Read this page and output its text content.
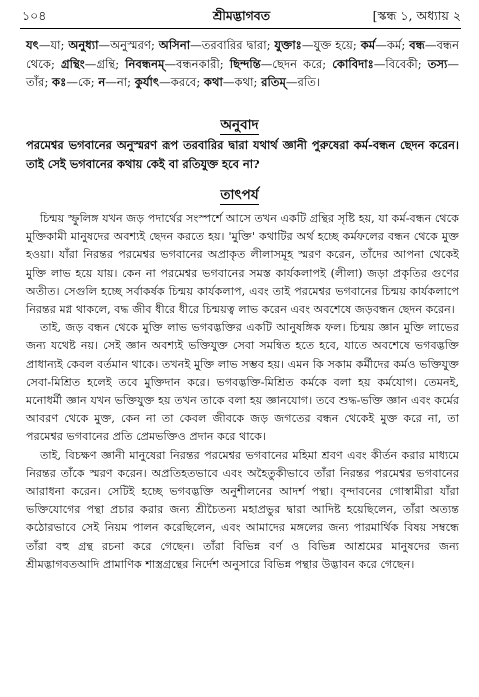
১০৪	শ্রীমদ্ভাগবত	[স্কন্ধ ১, অধ্যায় ২
যৎ—যা; অনুধ্যা—অনুস্মরণ; অসিনা—তরবারির দ্বারা; যুক্তাঃ—যুক্ত হয়ে; কর্ম—কর্ম; বন্ধ—বন্ধন থেকে; গ্রন্থিং—গ্রন্থি; নিবন্ধনম্—বন্ধনকারী; ছিন্দন্তি—ছেদন করে; কোবিদাঃ—বিবেকী; তস্য—তাঁর; কঃ—কে; ন—না; কুর্যাৎ—করবে; কথা—কথা; রতিম্—রতি।
অনুবাদ
পরমেশ্বর ভগবানের অনুস্মরণ রূপ তরবারির দ্বারা যথার্থ জ্ঞানী পুরুষেরা কর্ম-বন্ধন ছেদন করেন। তাই সেই ভগবানের কথায় কেই বা রতিযুক্ত হবে না?
তাৎপর্য

চিন্ময় স্ফুলিঙ্গ যখন জড় পদার্থের সংস্পর্শে আসে তখন একটি গ্রন্থির সৃষ্টি হয়, যা কর্ম-বন্ধন থেকে মুক্তিকামী মানুষদের অবশ্যই ছেদন করতে হয়। 'মুক্তি' কথাটির অর্থ হচ্ছে কর্মফলের বন্ধন থেকে মুক্ত হওয়া। যাঁরা নিরন্তর পরমেশ্বর ভগবানের অপ্রাকৃত লীলাসমূহ স্মরণ করেন, তাঁদের আপনা থেকেই মুক্তি লাভ হয়ে যায়। কেন না পরমেশ্বর ভগবানের সমস্ত কার্যকলাপই (লীলা) জড়া প্রকৃতির গুণের অতীত। সেগুলি হচ্ছে সর্বাকর্ষক চিন্ময় কার্যকলাপ, এবং তাই পরমেশ্বর ভগবানের চিন্ময় কার্যকলাপে নিরন্তর মগ্ন থাকলে, বদ্ধ জীব ধীরে ধীরে চিন্ময়ত্ব লাভ করেন এবং অবশেষে জড়বন্ধন ছেদন করেন।

তাই, জড় বন্ধন থেকে মুক্তি লাভ ভগবদ্ভক্তির একটি আনুষঙ্গিক ফল। চিন্ময় জ্ঞান মুক্তি লাভের জন্য যথেষ্ট নয়। সেই জ্ঞান অবশ্যই ভক্তিযুক্ত সেবা সমন্বিত হতে হবে, যাতে অবশেষে ভগবদ্ভক্তি প্রাধান্যই কেবল বর্তমান থাকে। তখনই মুক্তি লাভ সম্ভব হয়। এমন কি সকাম কর্মীদের কর্মও ভক্তিযুক্ত সেবা-মিশ্রিত হলেই তবে মুক্তিদান করে। ভগবদ্ভক্তি-মিশ্রিত কর্মকে বলা হয় কর্মযোগ। তেমনই, মনোধর্মী জ্ঞান যখন ভক্তিযুক্ত হয় তখন তাকে বলা হয় জ্ঞানযোগ। তবে শুদ্ধ-ভক্তি জ্ঞান এবং কর্মের আবরণ থেকে মুক্ত, কেন না তা কেবল জীবকে জড় জগতের বন্ধন থেকেই মুক্ত করে না, তা পরমেশ্বর ভগবানের প্রতি প্রেমভক্তিও প্রদান করে থাকে।

তাই, বিচক্ষণ জ্ঞানী মানুষেরা নিরন্তর পরমেশ্বর ভগবানের মহিমা শ্রবণ এবং কীর্তন করার মাধ্যমে নিরন্তর তাঁকে স্মরণ করেন। অপ্রতিহতভাবে এবং অহৈতুকীভাবে তাঁরা নিরন্তর পরমেশ্বর ভগবানের আরাধনা করেন। সেটিই হচ্ছে ভগবদ্ভক্তি অনুশীলনের আদর্শ পন্থা। বৃন্দাবনের গোস্বামীরা যাঁরা ভক্তিযোগের পন্থা প্রচার করার জন্য শ্রীচৈতন্য মহাপ্রভুর দ্বারা আদিষ্ট হয়েছিলেন, তাঁরা অত্যন্ত কঠোরভাবে সেই নিয়ম পালন করেছিলেন, এবং আমাদের মঙ্গলের জন্য পারমার্থিক বিষয় সম্বন্ধে তাঁরা বহু গ্রন্থ রচনা করে গেছেন। তাঁরা বিভিন্ন বর্ণ ও বিভিন্ন আশ্রমের মানুষদের জন্য শ্রীমদ্ভাগবতআদি প্রামাণিক শাস্ত্রগ্রন্থের নির্দেশ অনুসারে বিভিন্ন পন্থার উদ্ভাবন করে গেছেন।
